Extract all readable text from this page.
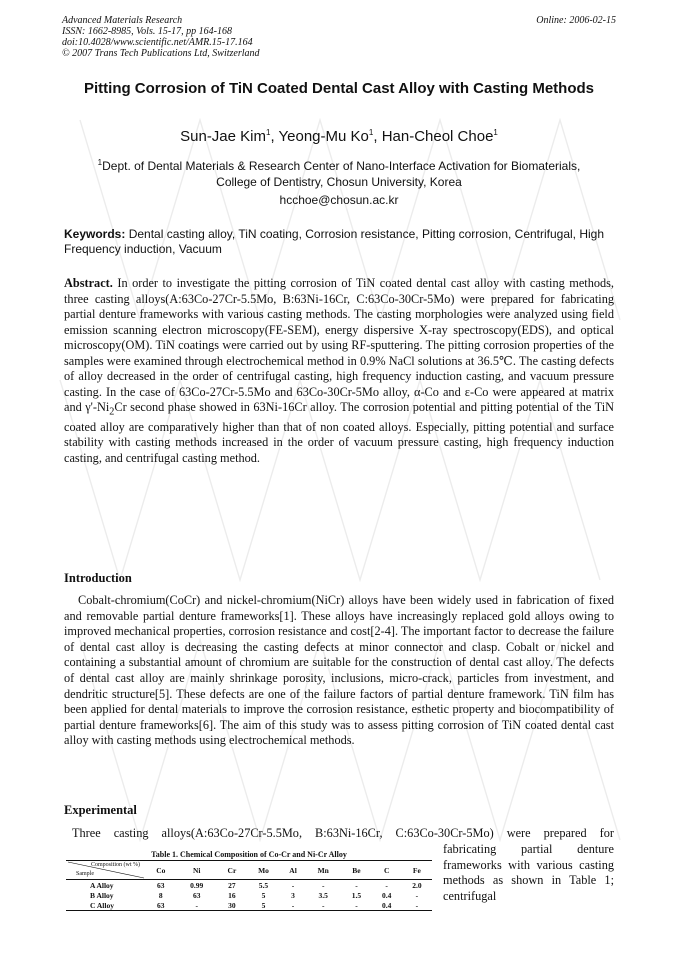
Advanced Materials Research
ISSN: 1662-8985, Vols. 15-17, pp 164-168
doi:10.4028/www.scientific.net/AMR.15-17.164
© 2007 Trans Tech Publications Ltd, Switzerland
Online: 2006-02-15
Pitting Corrosion of TiN Coated Dental Cast Alloy with Casting Methods
Sun-Jae Kim$^1$, Yeong-Mu Ko$^1$, Han-Cheol Choe$^1$
$^1$Dept. of Dental Materials & Research Center of Nano-Interface Activation for Biomaterials,
College of Dentistry, Chosun University, Korea
hcchoe@chosun.ac.kr
Keywords: Dental casting alloy, TiN coating, Corrosion resistance, Pitting corrosion, Centrifugal, High Frequency induction, Vacuum
Abstract. In order to investigate the pitting corrosion of TiN coated dental cast alloy with casting methods, three casting alloys(A:63Co-27Cr-5.5Mo, B:63Ni-16Cr, C:63Co-30Cr-5Mo) were prepared for fabricating partial denture frameworks with various casting methods. The casting morphologies were analyzed using field emission scanning electron microscopy(FE-SEM), energy dispersive X-ray spectroscopy(EDS), and optical microscopy(OM). TiN coatings were carried out by using RF-sputtering. The pitting corrosion properties of the samples were examined through electrochemical method in 0.9% NaCl solutions at 36.5℃. The casting defects of alloy decreased in the order of centrifugal casting, high frequency induction casting, and vacuum pressure casting. In the case of 63Co-27Cr-5.5Mo and 63Co-30Cr-5Mo alloy, α-Co and ε-Co were appeared at matrix and $\gamma'-Ni_2Cr$ second phase showed in 63Ni-16Cr alloy. The corrosion potential and pitting potential of the TiN coated alloy are comparatively higher than that of non coated alloys. Especially, pitting potential and surface stability with casting methods increased in the order of vacuum pressure casting, high frequency induction casting, and centrifugal casting method.
Introduction
Cobalt-chromium(CoCr) and nickel-chromium(NiCr) alloys have been widely used in fabrication of fixed and removable partial denture frameworks[1]. These alloys have increasingly replaced gold alloys owing to improved mechanical properties, corrosion resistance and cost[2-4]. The important factor to decrease the failure of dental cast alloy is decreasing the casting defects at minor connector and clasp. Cobalt or nickel and containing a substantial amount of chromium are suitable for the construction of dental cast alloy. The defects of dental cast alloy are mainly shrinkage porosity, inclusions, micro-crack, particles from investment, and dendritic structure[5]. These defects are one of the failure factors of partial denture framework. TiN film has been applied for dental materials to improve the corrosion resistance, esthetic property and biocompatibility of partial denture frameworks[6]. The aim of this study was to assess pitting corrosion of TiN coated dental cast alloy with casting methods using electrochemical methods.
Experimental
Three casting alloys(A:63Co-27Cr-5.5Mo, B:63Ni-16Cr, C:63Co-30Cr-5Mo) were prepared for
fabricating partial denture frameworks with various casting methods as shown in Table 1; centrifugal
Table 1. Chemical Composition of Co-Cr and Ni-Cr Alloy
Composition (wt %)
Sample	Co	Ni	Cr	Mo	Al	Mn	Be	C	Fe
A Alloy	63	0.99	27	5.5	-	-	-	-	2.0
B Alloy	8	63	16	5	3	3.5	1.5	0.4	-
C Alloy	63	-	30	5	-	-	-	0.4	-
